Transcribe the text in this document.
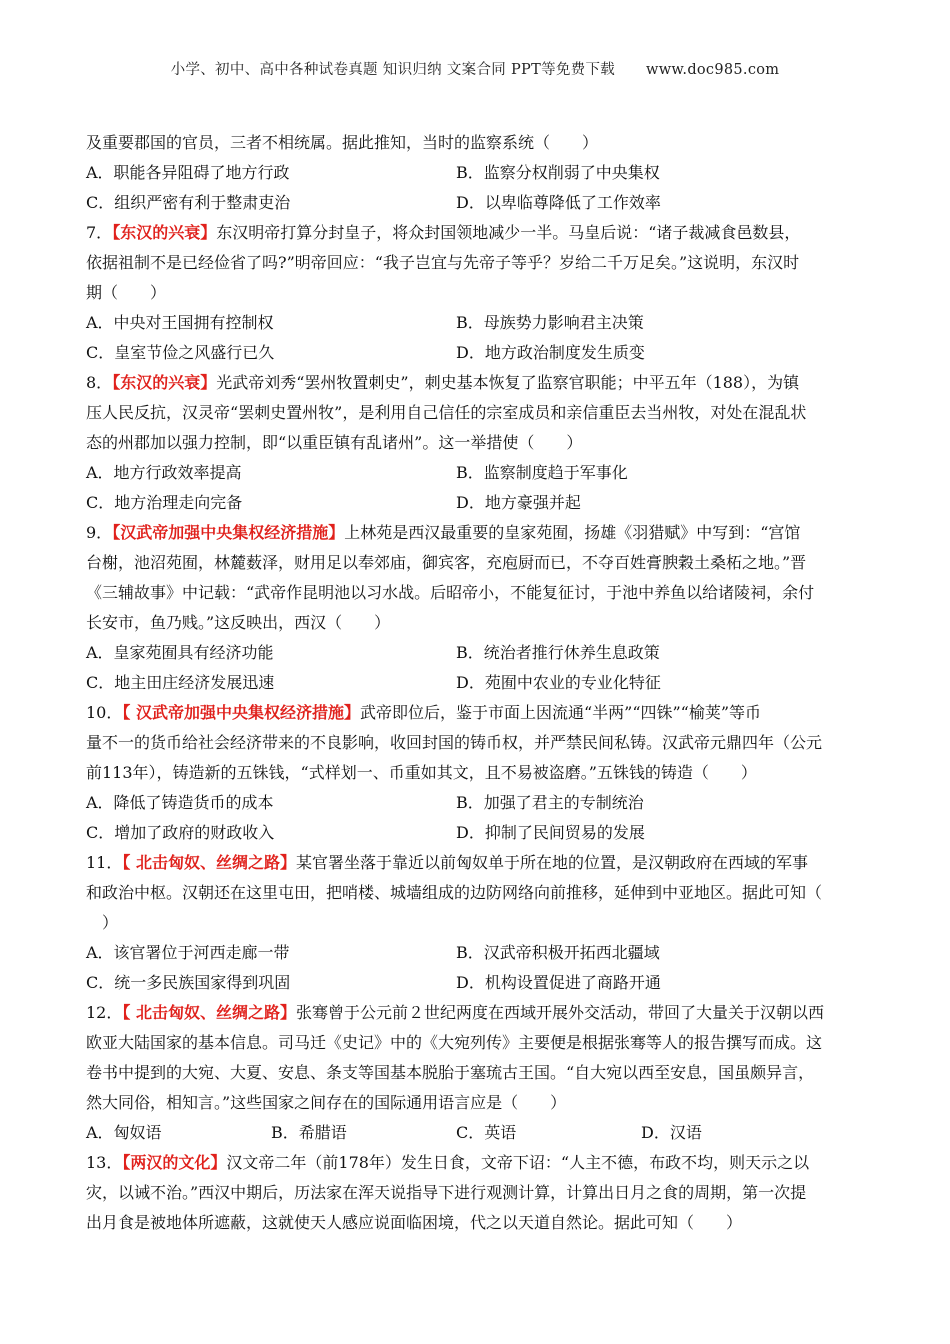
小学、初中、高中各种试卷真题 知识归纳 文案合同 PPT等免费下载 www.doc985.com

及重要郡国的官员，三者不相统属。据此推知，当时的监察系统（　　）

A．职能各异阻碍了地方行政	B．监察分权削弱了中央集权
C．组织严密有利于整肃吏治	D．以卑临尊降低了工作效率

7．【东汉的兴衰】东汉明帝打算分封皇子，将众封国领地减少一半。马皇后说：“诸子裁减食邑数县，

依据祖制不是已经俭省了吗?”明帝回应：“我子岂宜与先帝子等乎？岁给二千万足矣。”这说明，东汉时

期（　　）

A．中央对王国拥有控制权	B．母族势力影响君主决策
C．皇室节俭之风盛行已久	D．地方政治制度发生质变

8．【东汉的兴衰】光武帝刘秀“罢州牧置刺史”，刺史基本恢复了监察官职能；中平五年（188），为镇

压人民反抗，汉灵帝“罢刺史置州牧”，是利用自己信任的宗室成员和亲信重臣去当州牧，对处在混乱状

态的州郡加以强力控制，即“以重臣镇有乱诸州”。这一举措使（　　）

A．地方行政效率提高	B．监察制度趋于军事化
C．地方治理走向完备	D．地方豪强并起

9．【汉武帝加强中央集权经济措施】上林苑是西汉最重要的皇家苑囿，扬雄《羽猎赋》中写到：“宫馆

台榭，池沼苑囿，林麓薮泽，财用足以奉郊庙，御宾客，充庖厨而已，不夺百姓膏腴穀土桑柘之地。”晋

《三辅故事》中记载：“武帝作昆明池以习水战。后昭帝小，不能复征讨，于池中养鱼以给诸陵祠，余付

长安市，鱼乃贱。”这反映出，西汉（　　）

A．皇家苑囿具有经济功能	B．统治者推行休养生息政策
C．地主田庄经济发展迅速	D．苑囿中农业的专业化特征

10．【 汉武帝加强中央集权经济措施】武帝即位后，鉴于市面上因流通“半两”“四铢”“榆荚”等币

量不一的货币给社会经济带来的不良影响，收回封国的铸币权，并严禁民间私铸。汉武帝元鼎四年（公元

前113年），铸造新的五铢钱，“式样划一、币重如其文，且不易被盗磨。”五铢钱的铸造（　　）

A．降低了铸造货币的成本	B．加强了君主的专制统治
C．增加了政府的财政收入	D．抑制了民间贸易的发展

11．【 北击匈奴、丝绸之路】某官署坐落于靠近以前匈奴单于所在地的位置，是汉朝政府在西域的军事

和政治中枢。汉朝还在这里屯田，把哨楼、城墙组成的边防网络向前推移，延伸到中亚地区。据此可知（

　）

A．该官署位于河西走廊一带	B．汉武帝积极开拓西北疆域
C．统一多民族国家得到巩固	D．机构设置促进了商路开通

12．【 北击匈奴、丝绸之路】张骞曾于公元前２世纪两度在西域开展外交活动，带回了大量关于汉朝以西

欧亚大陆国家的基本信息。司马迁《史记》中的《大宛列传》主要便是根据张骞等人的报告撰写而成。这

卷书中提到的大宛、大夏、安息、条支等国基本脱胎于塞琉古王国。“自大宛以西至安息，国虽颇异言，

然大同俗，相知言。”这些国家之间存在的国际通用语言应是（　　）

A．匈奴语	B．希腊语	C．英语	D．汉语

13．【两汉的文化】汉文帝二年（前178年）发生日食，文帝下诏：“人主不德，布政不均，则天示之以

灾，以诫不治。”西汉中期后，历法家在浑天说指导下进行观测计算，计算出日月之食的周期，第一次提

出月食是被地体所遮蔽，这就使天人感应说面临困境，代之以天道自然论。据此可知（　　）
